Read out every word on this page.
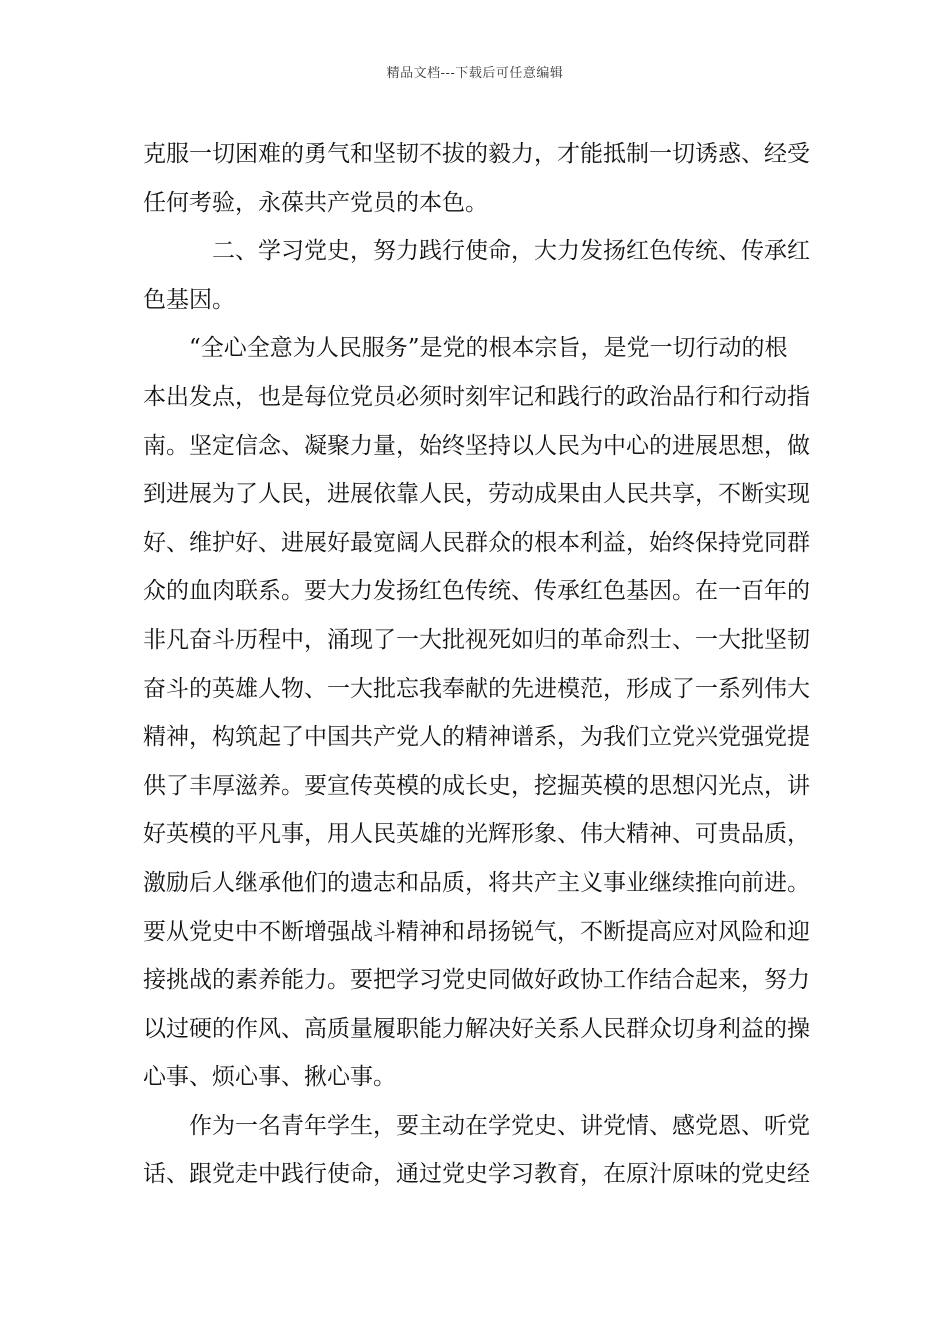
精品文档---下载后可任意编辑
克服一切困难的勇气和坚韧不拔的毅力，才能抵制一切诱惑、经受
任何考验，永葆共产党员的本色。
二、学习党史，努力践行使命，大力发扬红色传统、传承红
色基因。
“全心全意为人民服务”是党的根本宗旨，是党一切行动的根
本出发点，也是每位党员必须时刻牢记和践行的政治品行和行动指
南。坚定信念、凝聚力量，始终坚持以人民为中心的进展思想，做
到进展为了人民，进展依靠人民，劳动成果由人民共享，不断实现
好、维护好、进展好最宽阔人民群众的根本利益，始终保持党同群
众的血肉联系。要大力发扬红色传统、传承红色基因。在一百年的
非凡奋斗历程中，涌现了一大批视死如归的革命烈士、一大批坚韧
奋斗的英雄人物、一大批忘我奉献的先进模范，形成了一系列伟大
精神，构筑起了中国共产党人的精神谱系，为我们立党兴党强党提
供了丰厚滋养。要宣传英模的成长史，挖掘英模的思想闪光点，讲
好英模的平凡事，用人民英雄的光辉形象、伟大精神、可贵品质，
激励后人继承他们的遗志和品质，将共产主义事业继续推向前进。
要从党史中不断增强战斗精神和昂扬锐气，不断提高应对风险和迎
接挑战的素养能力。要把学习党史同做好政协工作结合起来，努力
以过硬的作风、高质量履职能力解决好关系人民群众切身利益的操
心事、烦心事、揪心事。
作为一名青年学生，要主动在学党史、讲党情、感党恩、听党
话、跟党走中践行使命，通过党史学习教育，在原汁原味的党史经
